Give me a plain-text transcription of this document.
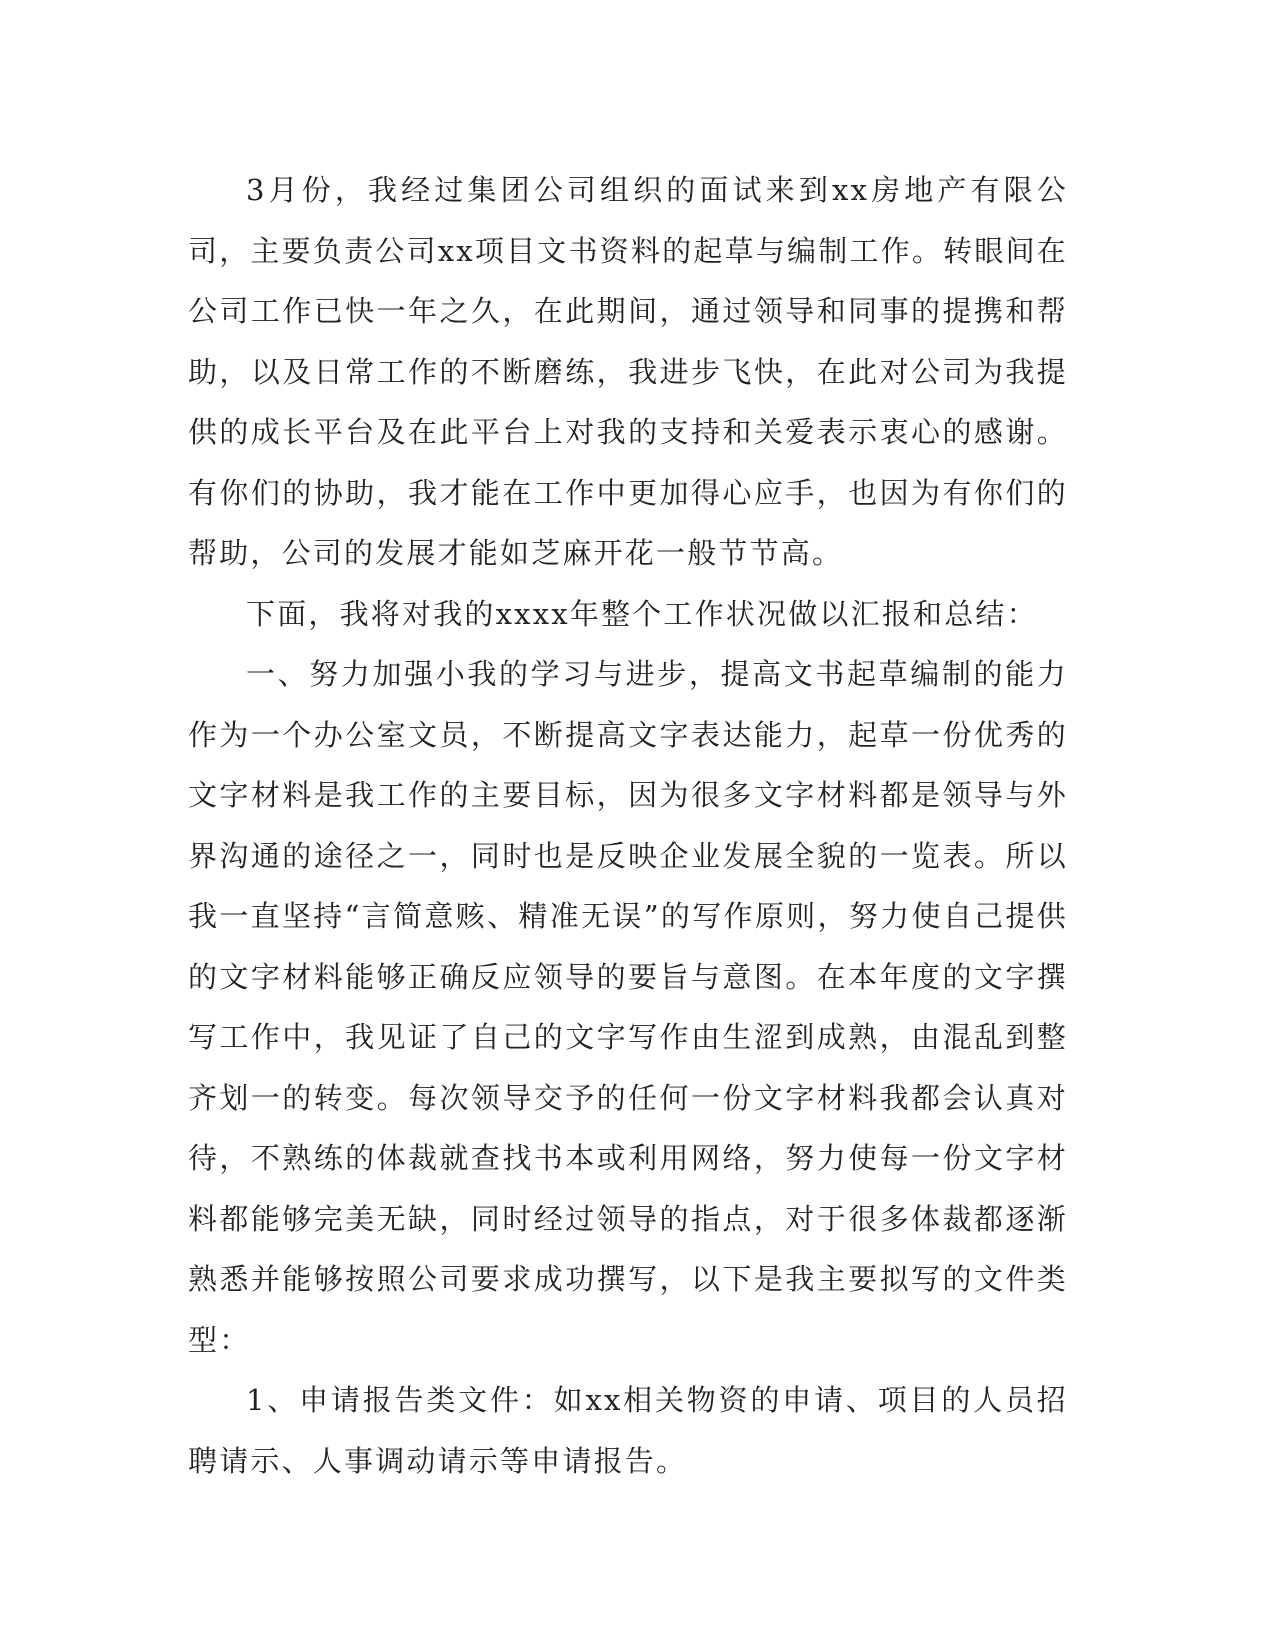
3月份，我经过集团公司组织的面试来到xx房地产有限公司，主要负责公司xx项目文书资料的起草与编制工作。转眼间在公司工作已快一年之久，在此期间，通过领导和同事的提携和帮助，以及日常工作的不断磨练，我进步飞快，在此对公司为我提供的成长平台及在此平台上对我的支持和关爱表示衷心的感谢。有你们的协助，我才能在工作中更加得心应手，也因为有你们的帮助，公司的发展才能如芝麻开花一般节节高。

下面，我将对我的xxxx年整个工作状况做以汇报和总结：

一、努力加强小我的学习与进步，提高文书起草编制的能力作为一个办公室文员，不断提高文字表达能力，起草一份优秀的文字材料是我工作的主要目标，因为很多文字材料都是领导与外界沟通的途径之一，同时也是反映企业发展全貌的一览表。所以我一直坚持“言简意赅、精准无误”的写作原则，努力使自己提供的文字材料能够正确反应领导的要旨与意图。在本年度的文字撰写工作中，我见证了自己的文字写作由生涩到成熟，由混乱到整齐划一的转变。每次领导交予的任何一份文字材料我都会认真对待，不熟练的体裁就查找书本或利用网络，努力使每一份文字材料都能够完美无缺，同时经过领导的指点，对于很多体裁都逐渐熟悉并能够按照公司要求成功撰写，以下是我主要拟写的文件类型：

1、申请报告类文件：如xx相关物资的申请、项目的人员招聘请示、人事调动请示等申请报告。
